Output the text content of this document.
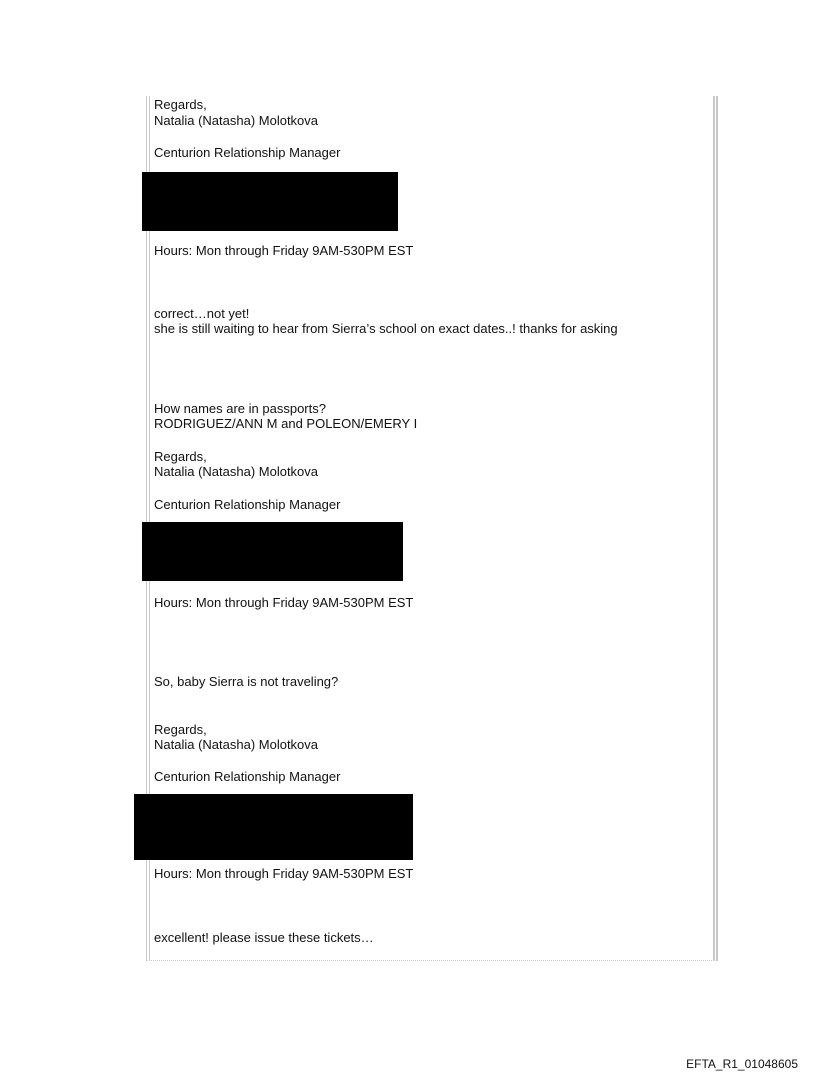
Regards,
Natalia (Natasha) Molotkova
Centurion Relationship Manager
Hours: Mon through Friday 9AM-530PM EST
correct…not yet!
she is still waiting to hear from Sierra’s school on exact dates..! thanks for asking
How names are in passports?
RODRIGUEZ/ANN M and POLEON/EMERY I
Regards,
Natalia (Natasha) Molotkova
Centurion Relationship Manager
Hours: Mon through Friday 9AM-530PM EST
So, baby Sierra is not traveling?
Regards,
Natalia (Natasha) Molotkova
Centurion Relationship Manager
Hours: Mon through Friday 9AM-530PM EST
excellent! please issue these tickets…
EFTA_R1_01048605
